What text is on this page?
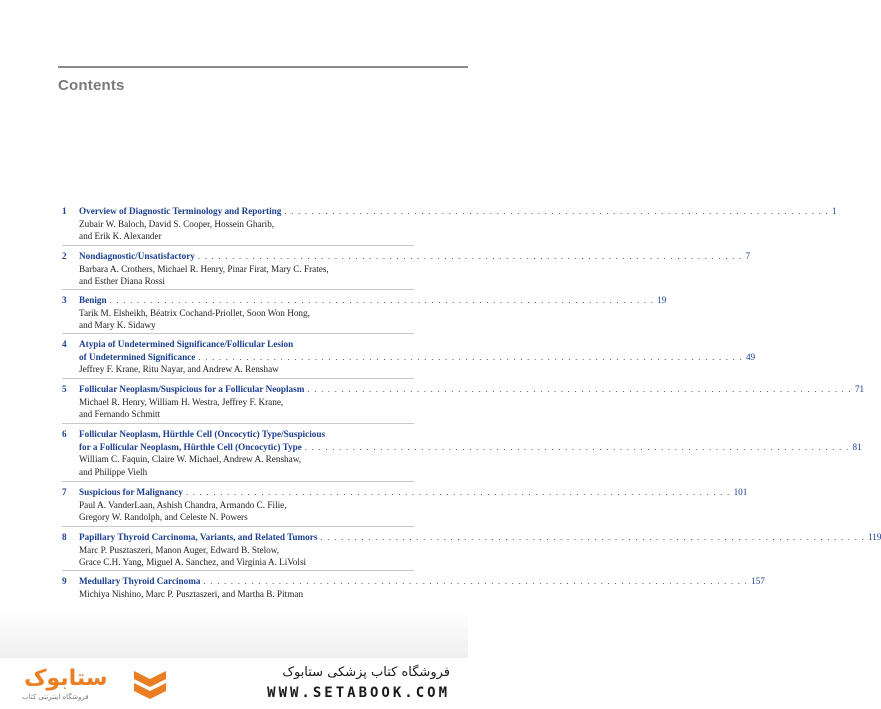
Contents
1	Overview of Diagnostic Terminology and Reporting . . . . . . . . . . . . . . . . . . . . . . . . . . . . . . . . . . . . . . . . . . . . . . . . . . . . . . . . . . . . . . . . . . . . . . . . . . . . . . . . 1
Zubair W. Baloch, David S. Cooper, Hossein Gharib,
and Erik K. Alexander
2	Nondiagnostic/Unsatisfactory . . . . . . . . . . . . . . . . . . . . . . . . . . . . . . . . . . . . . . . . . . . . . . . . . . . . . . . . . . . . . . . . . . . . . . . . . . . . . . . . 7
Barbara A. Crothers, Michael R. Henry, Pinar Firat, Mary C. Frates,
and Esther Diana Rossi
3	Benign . . . . . . . . . . . . . . . . . . . . . . . . . . . . . . . . . . . . . . . . . . . . . . . . . . . . . . . . . . . . . . . . . . . . . . . . . . . . . . . . 19
Tarik M. Elsheikh, Béatrix Cochand-Priollet, Soon Won Hong,
and Mary K. Sidawy
4	Atypia of Undetermined Significance/Follicular Lesion
of Undetermined Significance . . . . . . . . . . . . . . . . . . . . . . . . . . . . . . . . . . . . . . . . . . . . . . . . . . . . . . . . . . . . . . . . . . . . . . . . . . . . . . . . 49
Jeffrey F. Krane, Ritu Nayar, and Andrew A. Renshaw
5	Follicular Neoplasm/Suspicious for a Follicular Neoplasm . . . . . . . . . . . . . . . . . . . . . . . . . . . . . . . . . . . . . . . . . . . . . . . . . . . . . . . . . . . . . . . . . . . . . . . . . . . . . . . . 71
Michael R. Henry, William H. Westra, Jeffrey F. Krane,
and Fernando Schmitt
6	Follicular Neoplasm, Hürthle Cell (Oncocytic) Type/Suspicious
for a Follicular Neoplasm, Hürthle Cell (Oncocytic) Type . . . . . . . . . . . . . . . . . . . . . . . . . . . . . . . . . . . . . . . . . . . . . . . . . . . . . . . . . . . . . . . . . . . . . . . . . . . . . . . . 81
William C. Faquin, Claire W. Michael, Andrew A. Renshaw,
and Philippe Vielh
7	Suspicious for Malignancy . . . . . . . . . . . . . . . . . . . . . . . . . . . . . . . . . . . . . . . . . . . . . . . . . . . . . . . . . . . . . . . . . . . . . . . . . . . . . . . . 101
Paul A. VanderLaan, Ashish Chandra, Armando C. Filie,
Gregory W. Randolph, and Celeste N. Powers
8	Papillary Thyroid Carcinoma, Variants, and Related Tumors . . . . . . . . . . . . . . . . . . . . . . . . . . . . . . . . . . . . . . . . . . . . . . . . . . . . . . . . . . . . . . . . . . . . . . . . . . . . . . . . 119
Marc P. Pusztaszeri, Manon Auger, Edward B. Stelow,
Grace C.H. Yang, Miguel A. Sanchez, and Virginia A. LiVolsi
9	Medullary Thyroid Carcinoma . . . . . . . . . . . . . . . . . . . . . . . . . . . . . . . . . . . . . . . . . . . . . . . . . . . . . . . . . . . . . . . . . . . . . . . . . . . . . . . . 157
Michiya Nishino, Marc P. Pusztaszeri, and Martha B. Pitman
ستابوک
فروشگاه اینترنتی کتاب
فروشگاه کتاب پزشکی ستابوک
WWW.SETABOOK.COM
